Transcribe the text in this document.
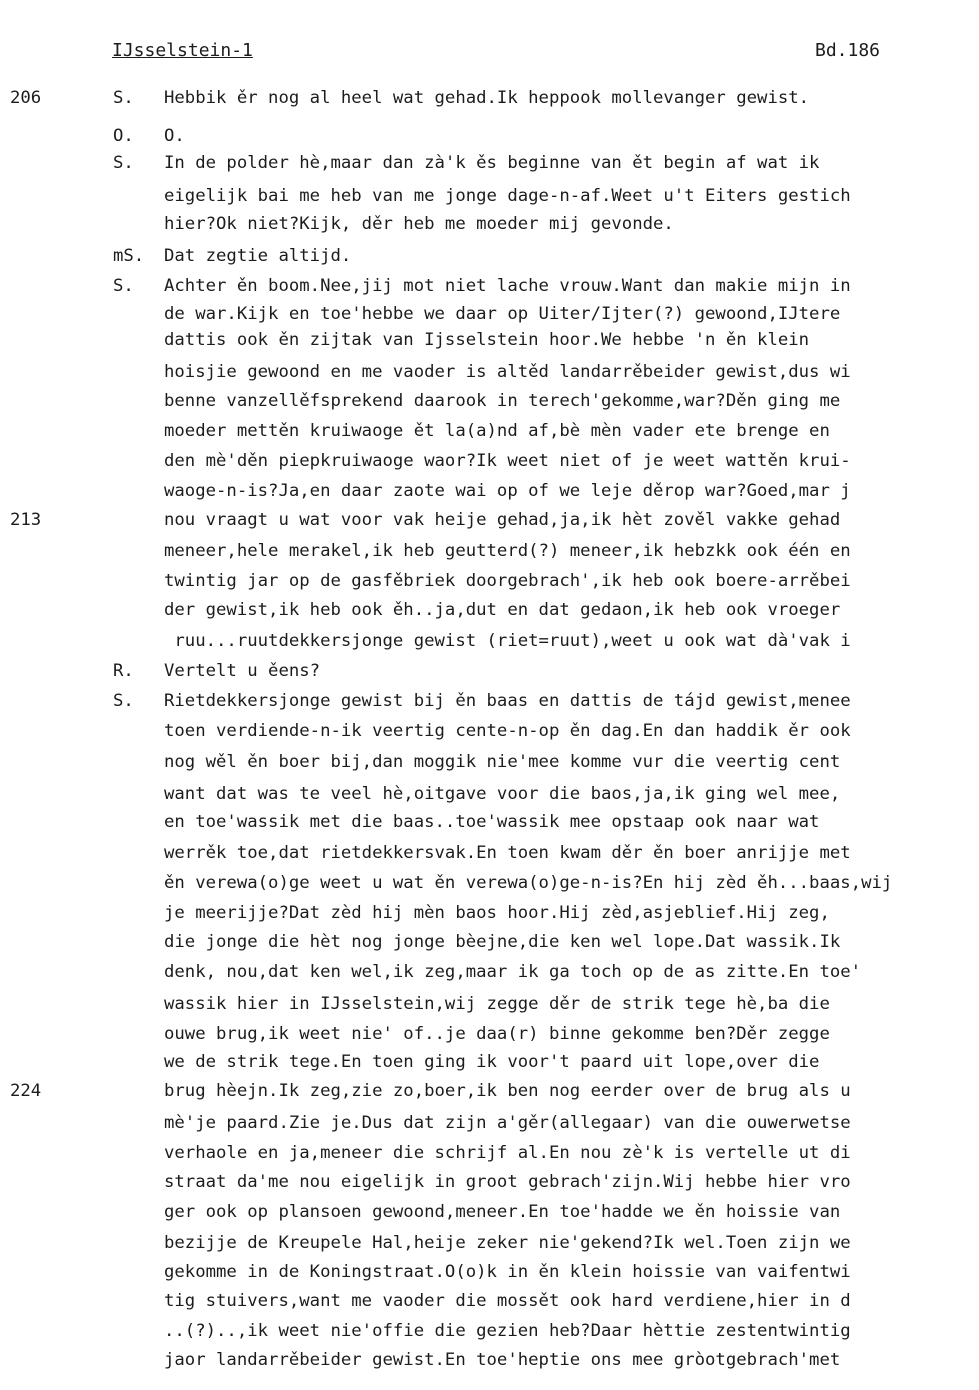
IJsselstein-1	Bd.186
206	S. Hebbik ěr nog al heel wat gehad.Ik heppook mollevanger gewist.
O. O.
S. In de polder hè,maar dan zà'k ěs beginne van ět begin af wat ik
eigelijk bai me heb van me jonge dage-n-af.Weet u't Eiters gestich
hier?Ok niet?Kijk, děr heb me moeder mij gevonde.
mS. Dat zegtie altijd.
S. Achter ěn boom.Nee,jij mot niet lache vrouw.Want dan makie mijn in
de war.Kijk en toe'hebbe we daar op Uiter/Ijter(?) gewoond,IJtere
dattis ook ěn zijtak van Ijsselstein hoor.We hebbe 'n ěn klein
hoisjie gewoond en me vaoder is altěd landarrěbeider gewist,dus wi
benne vanzellěfsprekend daarook in terech'gekomme,war?Děn ging me
moeder mettěn kruiwaoge ět la(a)nd af,bè mèn vader ete brenge en
den mè'děn piepkruiwaoge waor?Ik weet niet of je weet wattěn krui-
waoge-n-is?Ja,en daar zaote wai op of we leje děrop war?Goed,mar j
213	nou vraagt u wat voor vak heije gehad,ja,ik hèt zověl vakke gehad
meneer,hele merakel,ik heb geutterd(?) meneer,ik hebzkk ook één en
twintig jar op de gasfěbriek doorgebrach',ik heb ook boere-arrěbei
der gewist,ik heb ook ěh..ja,dut en dat gedaon,ik heb ook vroeger
ruu...ruutdekkersjonge gewist (riet=ruut),weet u ook wat dà'vak i
R. Vertelt u ěens?
S. Rietdekkersjonge gewist bij ěn baas en dattis de tájd gewist,menee
toen verdiende-n-ik veertig cente-n-op ěn dag.En dan haddik ěr ook
nog wěl ěn boer bij,dan moggik nie'mee komme vur die veertig cent
want dat was te veel hè,oitgave voor die baos,ja,ik ging wel mee,
en toe'wassik met die baas..toe'wassik mee opstaap ook naar wat
werrěk toe,dat rietdekkersvak.En toen kwam děr ěn boer anrijje met
ěn verewa(o)ge weet u wat ěn verewa(o)ge-n-is?En hij zèd ěh...baas,wij
je meerijje?Dat zèd hij mèn baos hoor.Hij zèd,asjeblief.Hij zeg,
die jonge die hèt nog jonge bèejne,die ken wel lope.Dat wassik.Ik
denk, nou,dat ken wel,ik zeg,maar ik ga toch op de as zitte.En toe'
wassik hier in IJsselstein,wij zegge děr de strik tege hè,ba die
ouwe brug,ik weet nie' of..je daa(r) binne gekomme ben?Děr zegge
we de strik tege.En toen ging ik voor't paard uit lope,over die
224	brug hèejn.Ik zeg,zie zo,boer,ik ben nog eerder over de brug als u
mè'je paard.Zie je.Dus dat zijn a'gěr(allegaar) van die ouwerwetse
verhaole en ja,meneer die schrijf al.En nou zè'k is vertelle ut di
straat da'me nou eigelijk in groot gebrach'zijn.Wij hebbe hier vro
ger ook op plansoen gewoond,meneer.En toe'hadde we ěn hoissie van
bezijje de Kreupele Hal,heije zeker nie'gekend?Ik wel.Toen zijn we
gekomme in de Koningstraat.O(o)k in ěn klein hoissie van vaifentwi
tig stuivers,want me vaoder die mossět ook hard verdiene,hier in d
..(?)..,ik weet nie'offie die gezien heb?Daar hèttie zestentwintig
jaor landarrěbeider gewist.En toe'heptie ons mee gròotgebrach'met
